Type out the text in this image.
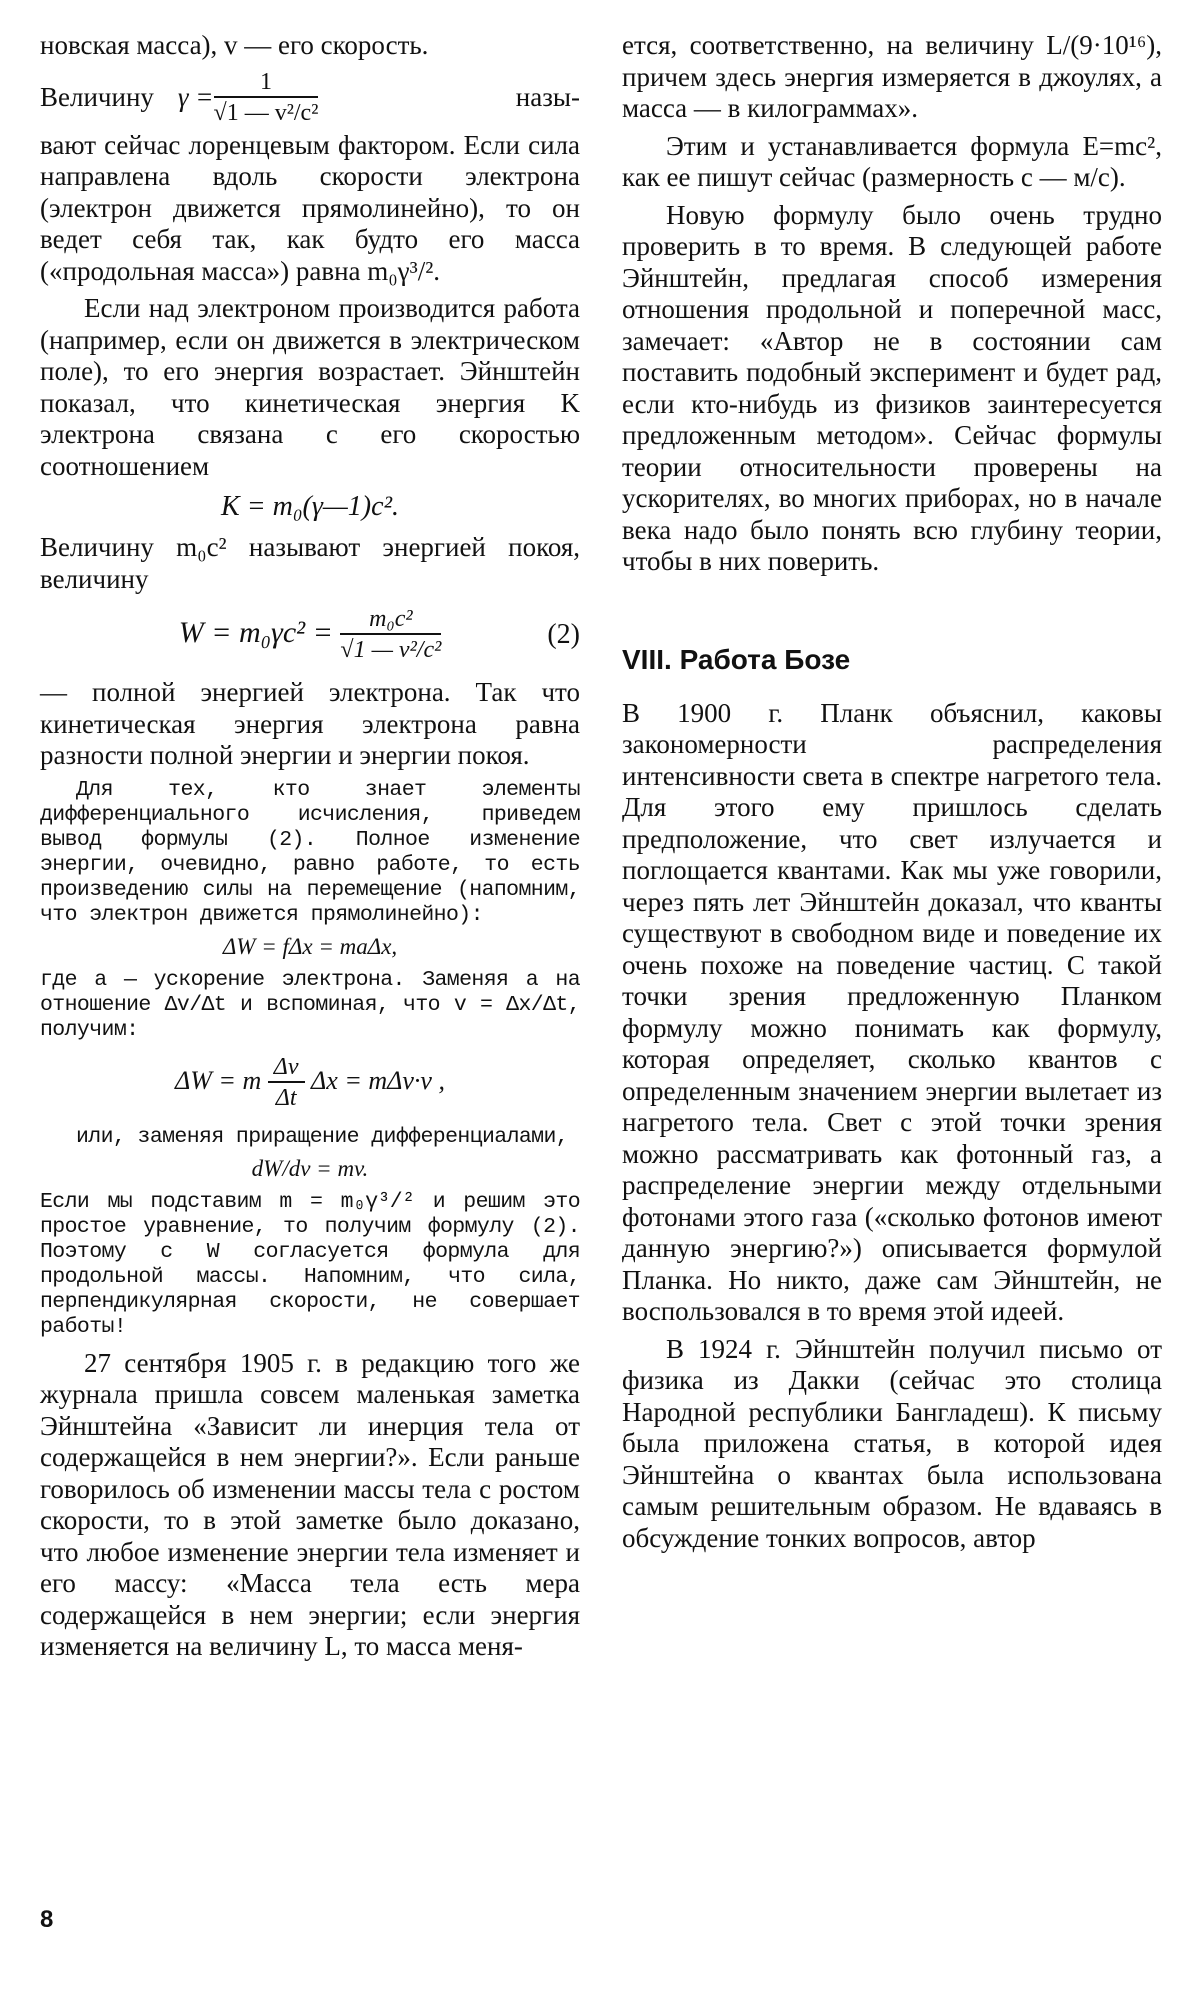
новская масса), v — его скорость.

Величину $\gamma = \frac{1}{\text{√1 — v²/c²}}$	назы-

вают сейчас лоренцевым фактором. Если сила направлена вдоль скорости электрона (электрон движется прямолинейно), то он ведет себя так, как будто его масса («продольная масса») равна m₀γ³/².

Если над электроном производится работа (например, если он движется в электрическом поле), то его энергия возрастает. Эйнштейн показал, что кинетическая энергия K электрона связана с его скоростью соотношением

K = m₀(γ—1)c².

Величину m₀c² называют энергией покоя, величину

$W = m_0\gamma c^2 = \frac{\text{m₀c²}}{\text{√1 — v²/c²}}$	(2)

— полной энергией электрона. Так что кинетическая энергия электрона равна разности полной энергии и энергии покоя.

Для тех, кто знает элементы дифференциального исчисления, приведем вывод формулы (2). Полное изменение энергии, очевидно, равно работе, то есть произведению силы на перемещение (напомним, что электрон движется прямолинейно):

ΔW = fΔx = maΔx,

где a — ускорение электрона. Заменяя a на отношение Δv/Δt и вспоминая, что v = Δx/Δt, получим:

ΔW = m $\frac{\Delta v}{\Delta t}$ Δx = mΔv·v ,

или, заменяя приращение дифференциалами,

dW/dv = mv.

Если мы подставим m = m₀γ³/² и решим это простое уравнение, то получим формулу (2). Поэтому с W согласуется формула для продольной массы. Напомним, что сила, перпендикулярная скорости, не совершает работы!

27 сентября 1905 г. в редакцию того же журнала пришла совсем маленькая заметка Эйнштейна «Зависит ли инерция тела от содержащейся в нем энергии?». Если раньше говорилось об изменении массы тела с ростом скорости, то в этой заметке было доказано, что любое изменение энергии тела изменяет и его массу: «Масса тела есть мера содержащейся в нем энергии; если энергия изменяется на величину L, то масса меня-

ется, соответственно, на величину L/(9·10¹⁶), причем здесь энергия измеряется в джоулях, а масса — в килограммах».

Этим и устанавливается формула E=mc², как ее пишут сейчас (размерность c — м/с).

Новую формулу было очень трудно проверить в то время. В следующей работе Эйнштейн, предлагая способ измерения отношения продольной и поперечной масс, замечает: «Автор не в состоянии сам поставить подобный эксперимент и будет рад, если кто-нибудь из физиков заинтересуется предложенным методом». Сейчас формулы теории относительности проверены на ускорителях, во многих приборах, но в начале века надо было понять всю глубину теории, чтобы в них поверить.

VIII. Работа Бозе

В 1900 г. Планк объяснил, каковы закономерности распределения интенсивности света в спектре нагретого тела. Для этого ему пришлось сделать предположение, что свет излучается и поглощается квантами. Как мы уже говорили, через пять лет Эйнштейн доказал, что кванты существуют в свободном виде и поведение их очень похоже на поведение частиц. С такой точки зрения предложенную Планком формулу можно понимать как формулу, которая определяет, сколько квантов с определенным значением энергии вылетает из нагретого тела. Свет с этой точки зрения можно рассматривать как фотонный газ, а распределение энергии между отдельными фотонами этого газа («сколько фотонов имеют данную энергию?») описывается формулой Планка. Но никто, даже сам Эйнштейн, не воспользовался в то время этой идеей.

В 1924 г. Эйнштейн получил письмо от физика из Дакки (сейчас это столица Народной республики Бангладеш). К письму была приложена статья, в которой идея Эйнштейна о квантах была использована самым решительным образом. Не вдаваясь в обсуждение тонких вопросов, автор

8
